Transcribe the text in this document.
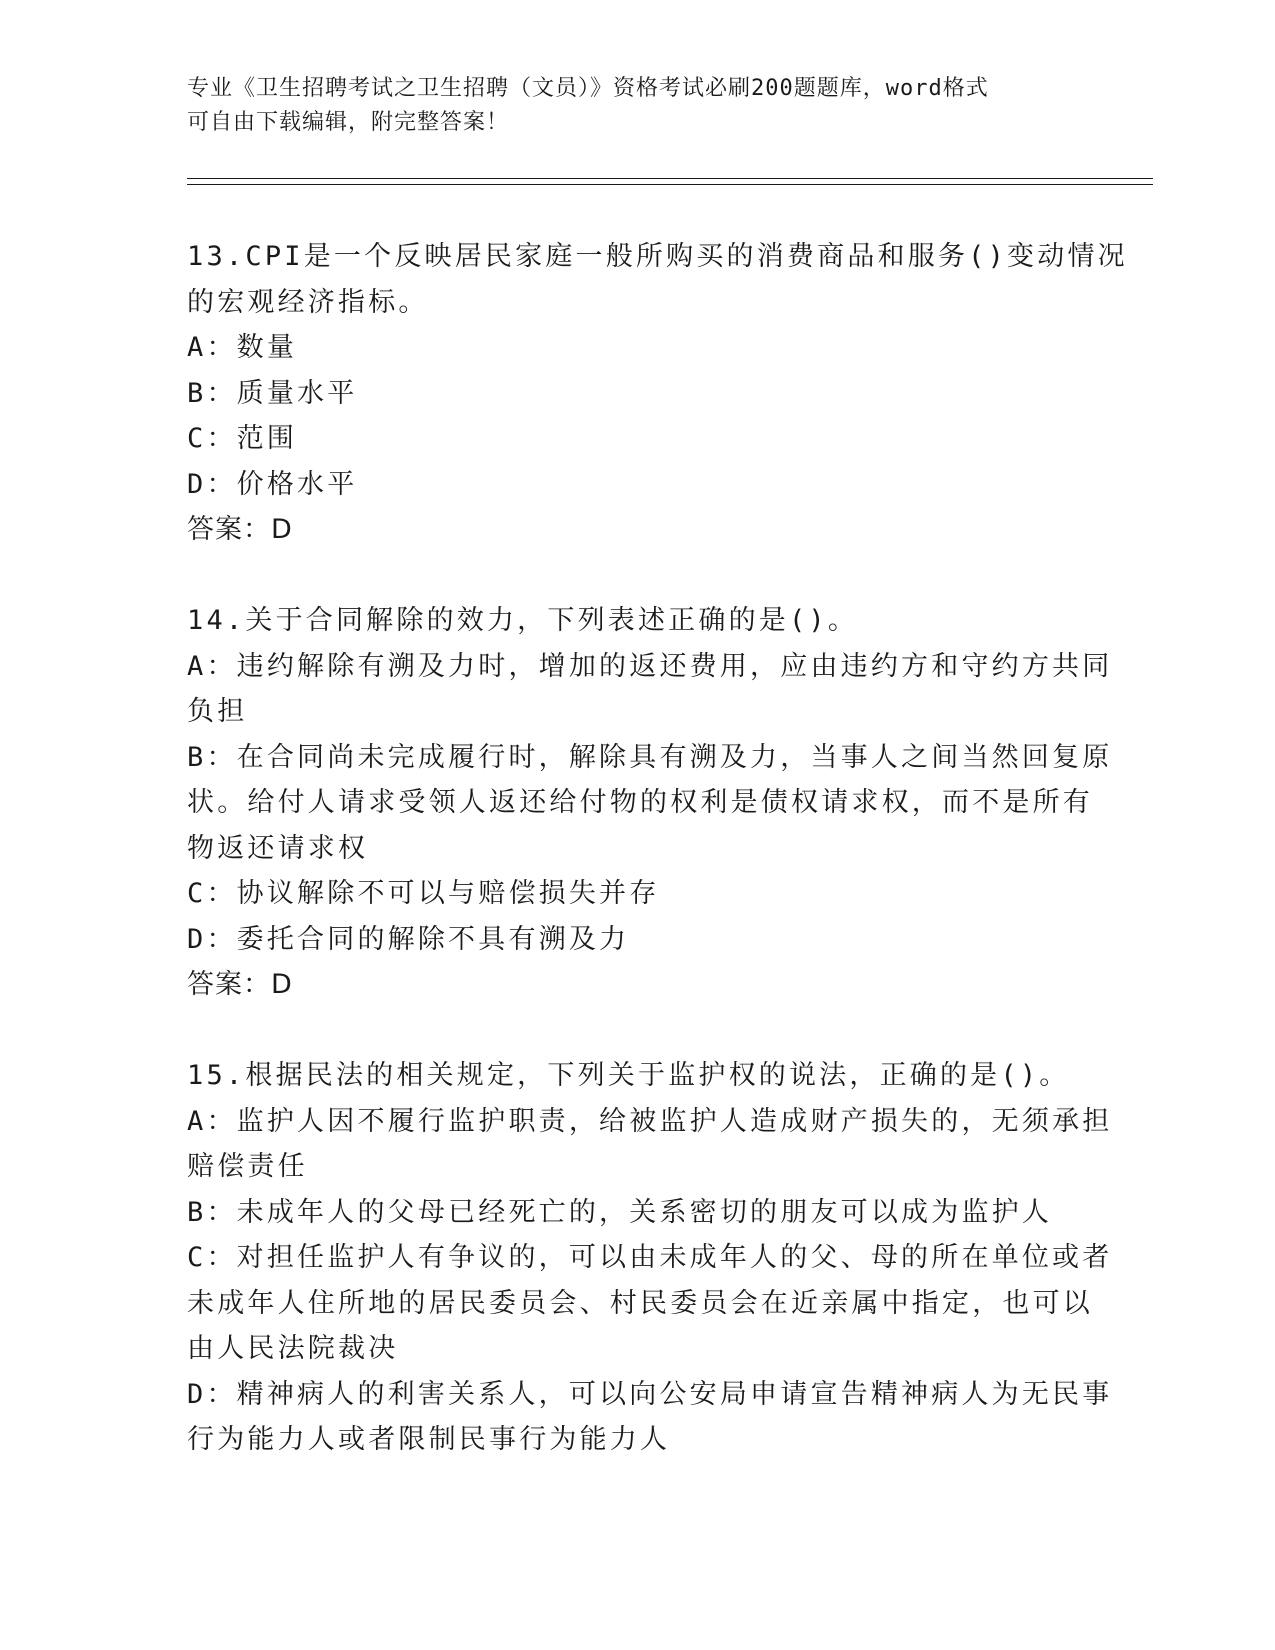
专业《卫生招聘考试之卫生招聘（文员）》资格考试必刷200题题库，word格式
可自由下载编辑，附完整答案！
13.CPI是一个反映居民家庭一般所购买的消费商品和服务()变动情况
的宏观经济指标。
A：数量
B：质量水平
C：范围
D：价格水平
答案：D
14.关于合同解除的效力，下列表述正确的是()。
A：违约解除有溯及力时，增加的返还费用，应由违约方和守约方共同
负担
B：在合同尚未完成履行时，解除具有溯及力，当事人之间当然回复原
状。给付人请求受领人返还给付物的权利是债权请求权，而不是所有
物返还请求权
C：协议解除不可以与赔偿损失并存
D：委托合同的解除不具有溯及力
答案：D
15.根据民法的相关规定，下列关于监护权的说法，正确的是()。
A：监护人因不履行监护职责，给被监护人造成财产损失的，无须承担
赔偿责任
B：未成年人的父母已经死亡的，关系密切的朋友可以成为监护人
C：对担任监护人有争议的，可以由未成年人的父、母的所在单位或者
未成年人住所地的居民委员会、村民委员会在近亲属中指定，也可以
由人民法院裁决
D：精神病人的利害关系人，可以向公安局申请宣告精神病人为无民事
行为能力人或者限制民事行为能力人
